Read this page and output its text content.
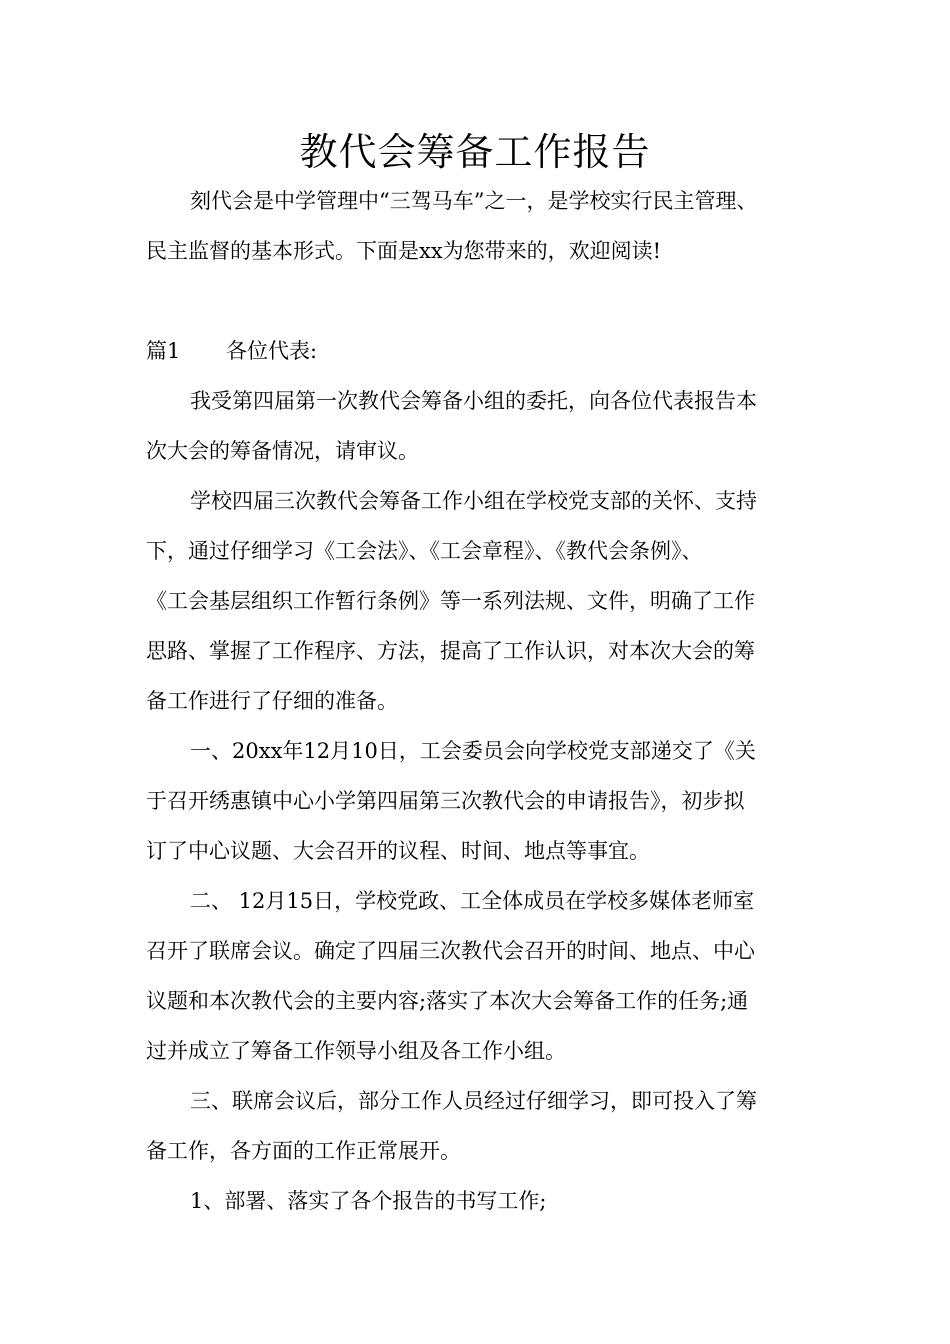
教代会筹备工作报告

刻代会是中学管理中“三驾马车”之一，是学校实行民主管理、

民主监督的基本形式。下面是xx为您带来的，欢迎阅读!

篇1 各位代表:

我受第四届第一次教代会筹备小组的委托，向各位代表报告本

次大会的筹备情况，请审议。

学校四届三次教代会筹备工作小组在学校党支部的关怀、支持

下，通过仔细学习《工会法》、《工会章程》、《教代会条例》、

《工会基层组织工作暂行条例》等一系列法规、文件，明确了工作

思路、掌握了工作程序、方法，提高了工作认识，对本次大会的筹

备工作进行了仔细的准备。

一、20xx年12月10日，工会委员会向学校党支部递交了《关

于召开绣惠镇中心小学第四届第三次教代会的申请报告》，初步拟

订了中心议题、大会召开的议程、时间、地点等事宜。

二、 12月15日，学校党政、工全体成员在学校多媒体老师室

召开了联席会议。确定了四届三次教代会召开的时间、地点、中心

议题和本次教代会的主要内容;落实了本次大会筹备工作的任务;通

过并成立了筹备工作领导小组及各工作小组。

三、联席会议后，部分工作人员经过仔细学习，即可投入了筹

备工作，各方面的工作正常展开。

1、部署、落实了各个报告的书写工作;
